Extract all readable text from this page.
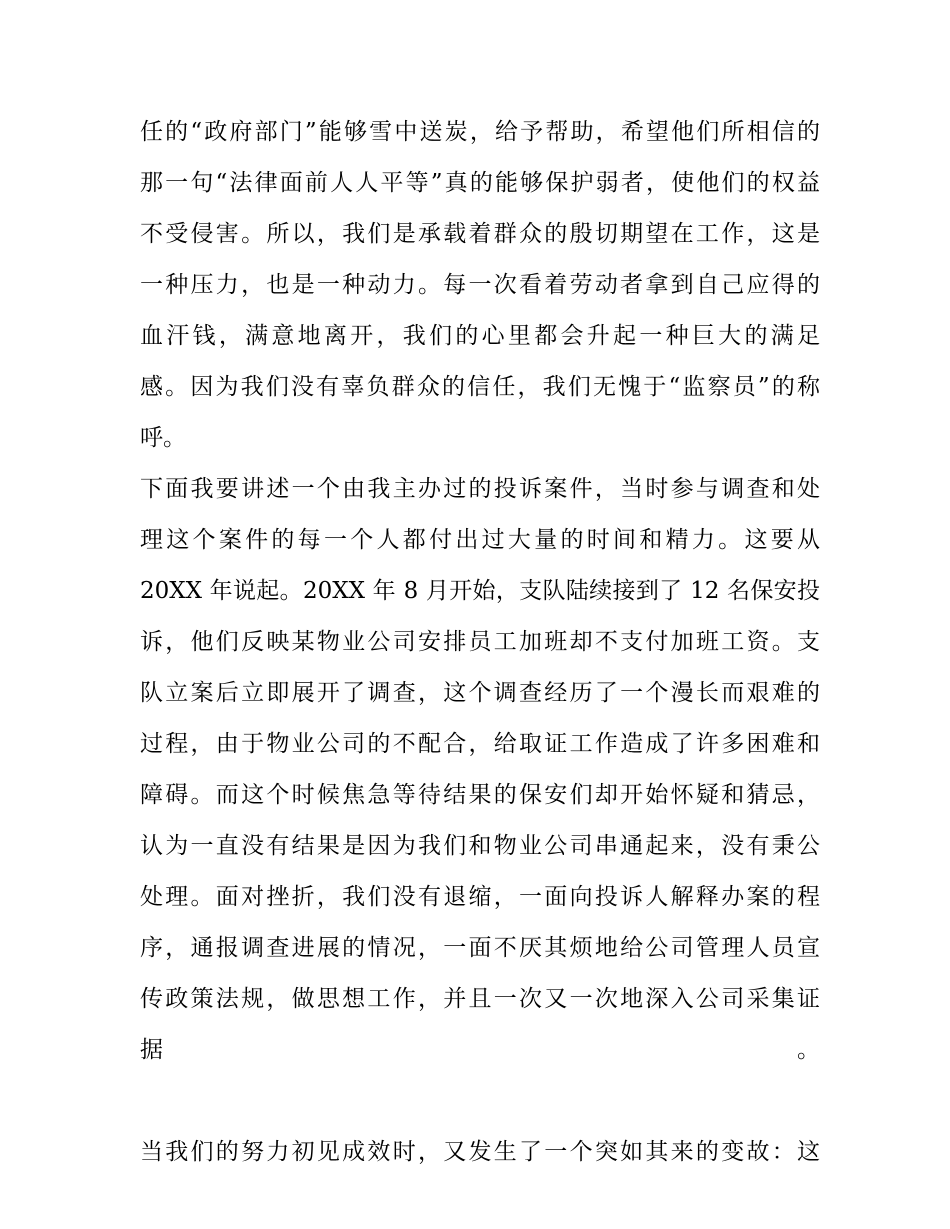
任的“政府部门”能够雪中送炭，给予帮助，希望他们所相信的
那一句“法律面前人人平等”真的能够保护弱者，使他们的权益
不受侵害。所以，我们是承载着群众的殷切期望在工作，这是
一种压力，也是一种动力。每一次看着劳动者拿到自己应得的
血汗钱，满意地离开，我们的心里都会升起一种巨大的满足
感。因为我们没有辜负群众的信任，我们无愧于“监察员”的称
呼。
下面我要讲述一个由我主办过的投诉案件，当时参与调查和处
理这个案件的每一个人都付出过大量的时间和精力。这要从
20XX 年说起。20XX 年 8 月开始，支队陆续接到了 12 名保安投
诉，他们反映某物业公司安排员工加班却不支付加班工资。支
队立案后立即展开了调查，这个调查经历了一个漫长而艰难的
过程，由于物业公司的不配合，给取证工作造成了许多困难和
障碍。而这个时候焦急等待结果的保安们却开始怀疑和猜忌，
认为一直没有结果是因为我们和物业公司串通起来，没有秉公
处理。面对挫折，我们没有退缩，一面向投诉人解释办案的程
序，通报调查进展的情况，一面不厌其烦地给公司管理人员宣
传政策法规，做思想工作，并且一次又一次地深入公司采集证
据。
当我们的努力初见成效时，又发生了一个突如其来的变故：这
